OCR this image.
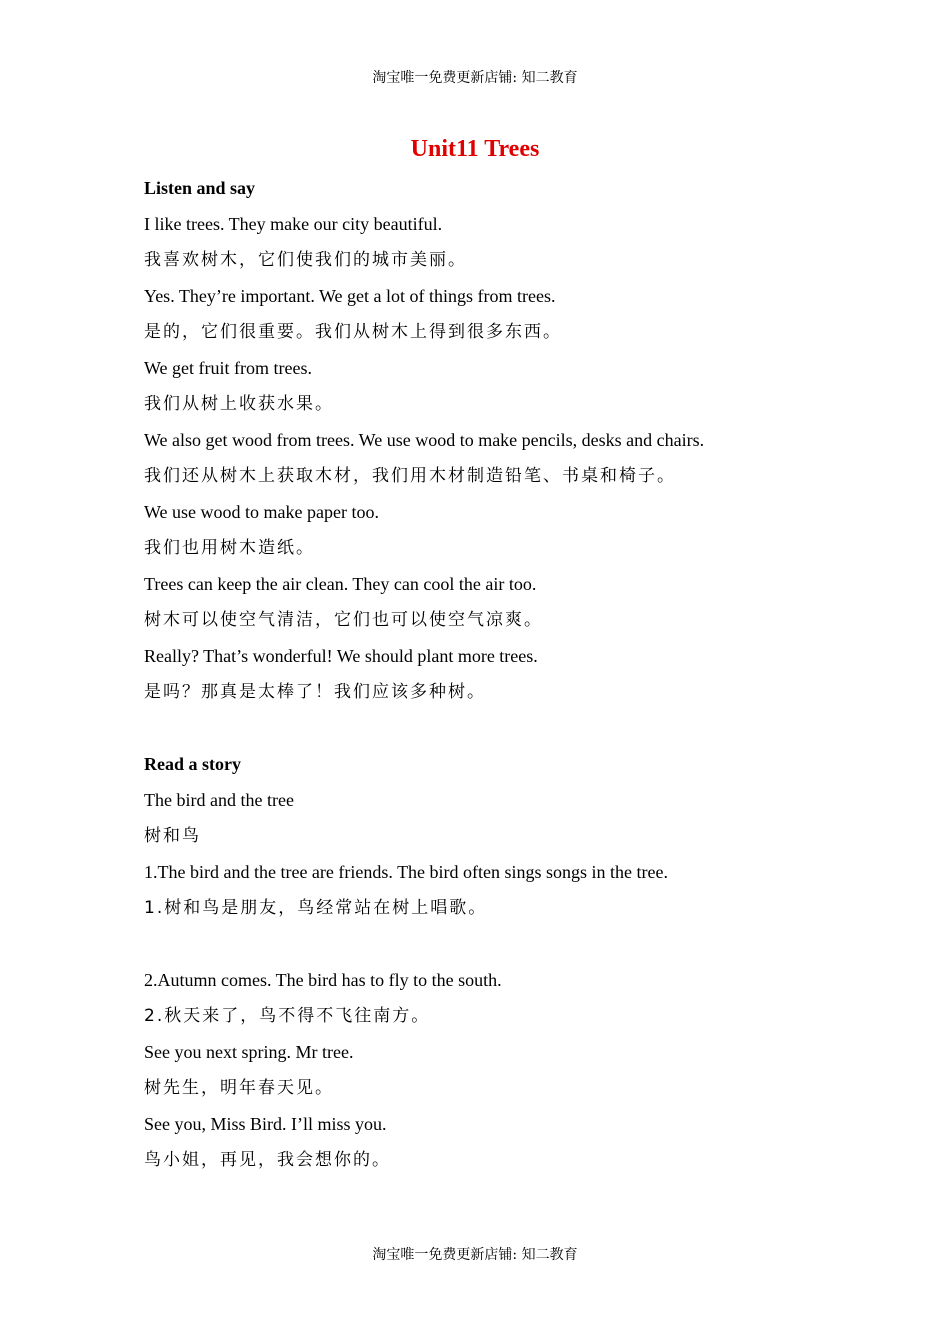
淘宝唯一免费更新店铺: 知二教育
Unit11 Trees
Listen and say
I like trees. They make our city beautiful.
我喜欢树木，它们使我们的城市美丽。
Yes. They’re important. We get a lot of things from trees.
是的，它们很重要。我们从树木上得到很多东西。
We get fruit from trees.
我们从树上收获水果。
We also get wood from trees. We use wood to make pencils, desks and chairs.
我们还从树木上获取木材，我们用木材制造铅笔、书桌和椅子。
We use wood to make paper too.
我们也用树木造纸。
Trees can keep the air clean. They can cool the air too.
树木可以使空气清洁，它们也可以使空气凉爽。
Really? That’s wonderful! We should plant more trees.
是吗？那真是太棒了！我们应该多种树。
Read a story
The bird and the tree
树和鸟
1.The bird and the tree are friends. The bird often sings songs in the tree.
1.树和鸟是朋友，鸟经常站在树上唱歌。
2.Autumn comes. The bird has to fly to the south.
2.秋天来了，鸟不得不飞往南方。
See you next spring. Mr tree.
树先生，明年春天见。
See you, Miss Bird. I’ll miss you.
鸟小姐，再见，我会想你的。
淘宝唯一免费更新店铺: 知二教育
